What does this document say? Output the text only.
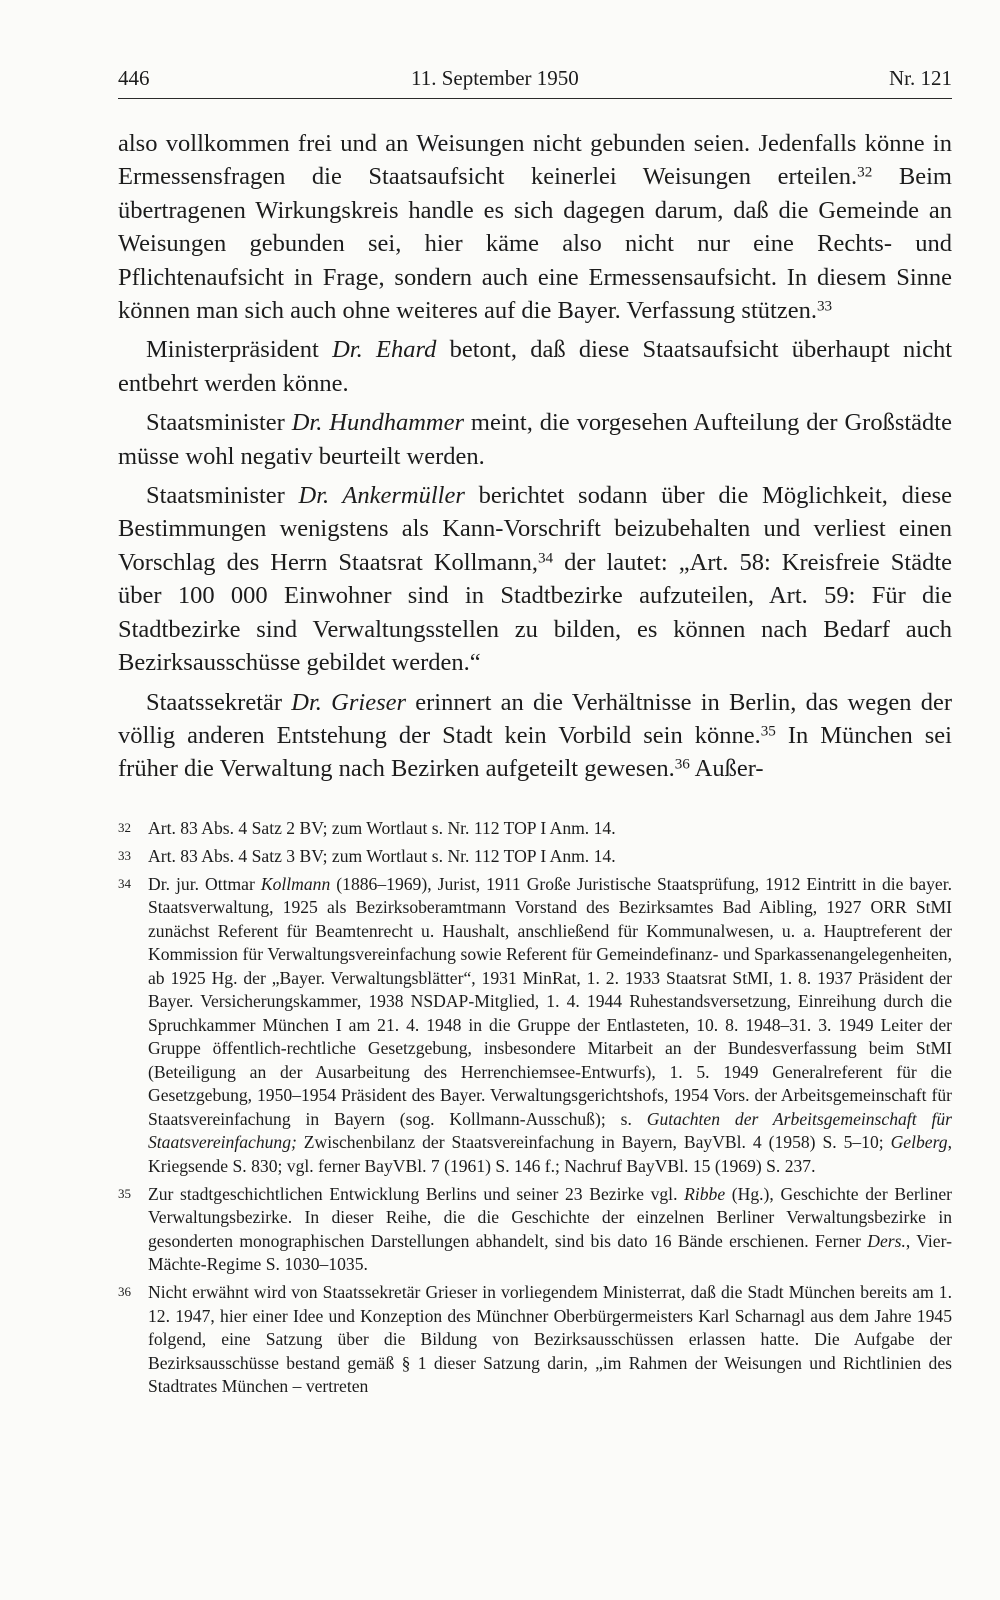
446	11. September 1950	Nr. 121

also vollkommen frei und an Weisungen nicht gebunden seien. Jedenfalls könne in Ermessensfragen die Staatsaufsicht keinerlei Weisungen erteilen.$^{32}$ Beim übertragenen Wirkungskreis handle es sich dagegen darum, daß die Gemeinde an Weisungen gebunden sei, hier käme also nicht nur eine Rechts- und Pflichtenaufsicht in Frage, sondern auch eine Ermessensaufsicht. In diesem Sinne können man sich auch ohne weiteres auf die Bayer. Verfassung stützen.$^{33}$

Ministerpräsident Dr. Ehard betont, daß diese Staatsaufsicht überhaupt nicht entbehrt werden könne.

Staatsminister Dr. Hundhammer meint, die vorgesehen Aufteilung der Großstädte müsse wohl negativ beurteilt werden.

Staatsminister Dr. Ankermüller berichtet sodann über die Möglichkeit, diese Bestimmungen wenigstens als Kann-Vorschrift beizubehalten und verliest einen Vorschlag des Herrn Staatsrat Kollmann,$^{34}$ der lautet: „Art. 58: Kreisfreie Städte über 100 000 Einwohner sind in Stadtbezirke aufzuteilen, Art. 59: Für die Stadtbezirke sind Verwaltungsstellen zu bilden, es können nach Bedarf auch Bezirksausschüsse gebildet werden.“

Staatssekretär Dr. Grieser erinnert an die Verhältnisse in Berlin, das wegen der völlig anderen Entstehung der Stadt kein Vorbild sein könne.$^{35}$ In München sei früher die Verwaltung nach Bezirken aufgeteilt gewesen.$^{36}$ Außer-

32 Art. 83 Abs. 4 Satz 2 BV; zum Wortlaut s. Nr. 112 TOP I Anm. 14.
33 Art. 83 Abs. 4 Satz 3 BV; zum Wortlaut s. Nr. 112 TOP I Anm. 14.
34 Dr. jur. Ottmar Kollmann (1886–1969), Jurist, 1911 Große Juristische Staatsprüfung, 1912 Eintritt in die bayer. Staatsverwaltung, 1925 als Bezirksoberamtmann Vorstand des Bezirksamtes Bad Aibling, 1927 ORR StMI zunächst Referent für Beamtenrecht u. Haushalt, anschließend für Kommunalwesen, u. a. Hauptreferent der Kommission für Verwaltungsvereinfachung sowie Referent für Gemeindefinanz- und Sparkassenangelegenheiten, ab 1925 Hg. der „Bayer. Verwaltungsblätter“, 1931 MinRat, 1. 2. 1933 Staatsrat StMI, 1. 8. 1937 Präsident der Bayer. Versicherungskammer, 1938 NSDAP-Mitglied, 1. 4. 1944 Ruhestandsversetzung, Einreihung durch die Spruchkammer München I am 21. 4. 1948 in die Gruppe der Entlasteten, 10. 8. 1948–31. 3. 1949 Leiter der Gruppe öffentlich-rechtliche Gesetzgebung, insbesondere Mitarbeit an der Bundesverfassung beim StMI (Beteiligung an der Ausarbeitung des Herrenchiemsee-Entwurfs), 1. 5. 1949 Generalreferent für die Gesetzgebung, 1950–1954 Präsident des Bayer. Verwaltungsgerichtshofs, 1954 Vors. der Arbeitsgemeinschaft für Staatsvereinfachung in Bayern (sog. Kollmann-Ausschuß); s. Gutachten der Arbeitsgemeinschaft für Staatsvereinfachung; Zwischenbilanz der Staatsvereinfachung in Bayern, BayVBl. 4 (1958) S. 5–10; Gelberg, Kriegsende S. 830; vgl. ferner BayVBl. 7 (1961) S. 146 f.; Nachruf BayVBl. 15 (1969) S. 237.
35 Zur stadtgeschichtlichen Entwicklung Berlins und seiner 23 Bezirke vgl. Ribbe (Hg.), Geschichte der Berliner Verwaltungsbezirke. In dieser Reihe, die die Geschichte der einzelnen Berliner Verwaltungsbezirke in gesonderten monographischen Darstellungen abhandelt, sind bis dato 16 Bände erschienen. Ferner Ders., Vier-Mächte-Regime S. 1030–1035.
36 Nicht erwähnt wird von Staatssekretär Grieser in vorliegendem Ministerrat, daß die Stadt München bereits am 1. 12. 1947, hier einer Idee und Konzeption des Münchner Oberbürgermeisters Karl Scharnagl aus dem Jahre 1945 folgend, eine Satzung über die Bildung von Bezirksausschüssen erlassen hatte. Die Aufgabe der Bezirksausschüsse bestand gemäß § 1 dieser Satzung darin, „im Rahmen der Weisungen und Richtlinien des Stadtrates München – vertreten
